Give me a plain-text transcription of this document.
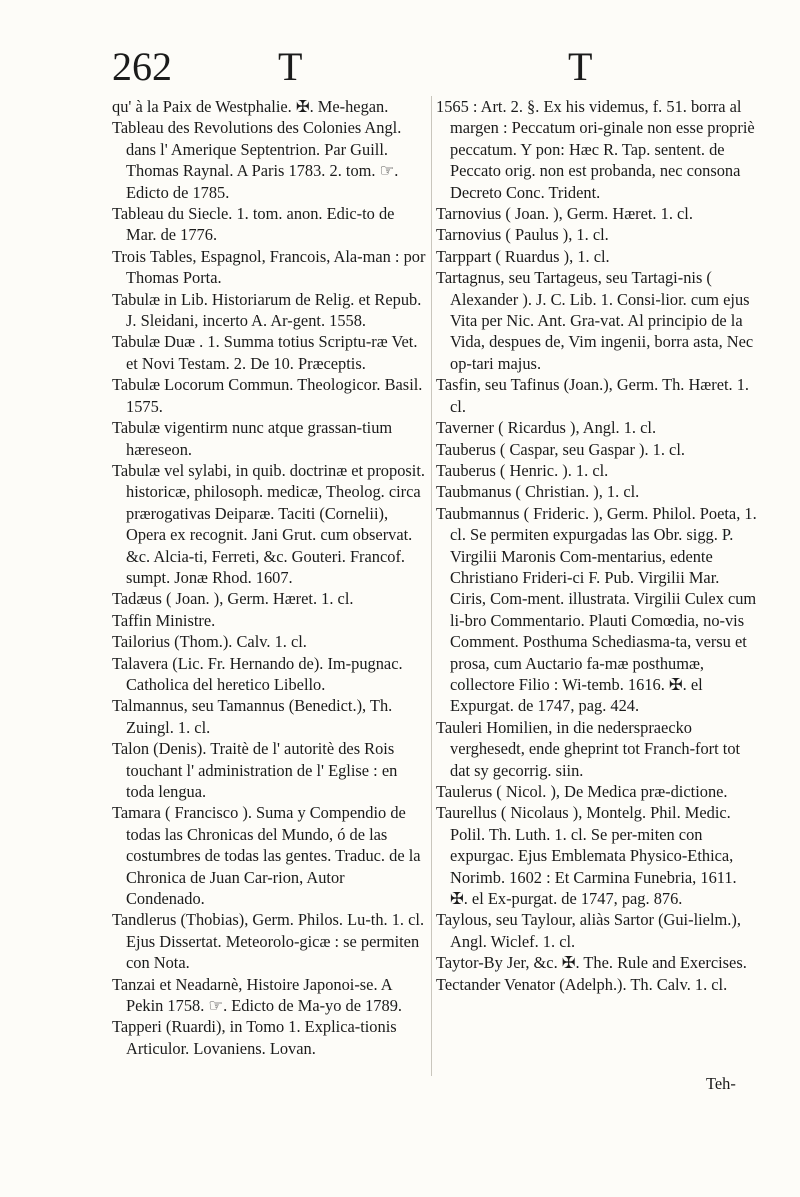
262	T	T

qu' à la Paix de Westphalie. ✠. Me-hegan.

Tableau des Revolutions des Colonies Angl. dans l' Amerique Septentrion. Par Guill. Thomas Raynal. A Paris 1783. 2. tom. ☞. Edicto de 1785.

Tableau du Siecle. 1. tom. anon. Edic-to de Mar. de 1776.

Trois Tables, Espagnol, Francois, Ala-man : por Thomas Porta.

Tabulæ in Lib. Historiarum de Relig. et Repub. J. Sleidani, incerto A. Ar-gent. 1558.

Tabulæ Duæ . 1. Summa totius Scriptu-ræ Vet. et Novi Testam. 2. De 10. Præceptis.

Tabulæ Locorum Commun. Theologicor. Basil. 1575.

Tabulæ vigentirm nunc atque grassan-tium hæreseon.

Tabulæ vel sylabi, in quib. doctrinæ et proposit. historicæ, philosoph. medicæ, Theolog. circa prærogativas Deiparæ. Taciti (Cornelii), Opera ex recognit. Jani Grut. cum observat. &c. Alcia-ti, Ferreti, &c. Gouteri. Francof. sumpt. Jonæ Rhod. 1607.

Tadæus ( Joan. ), Germ. Hæret. 1. cl.

Taffin Ministre.

Tailorius (Thom.). Calv. 1. cl.

Talavera (Lic. Fr. Hernando de). Im-pugnac. Catholica del heretico Libello.

Talmannus, seu Tamannus (Benedict.), Th. Zuingl. 1. cl.

Talon (Denis). Traitè de l' autoritè des Rois touchant l' administration de l' Eglise : en toda lengua.

Tamara ( Francisco ). Suma y Compendio de todas las Chronicas del Mundo, ó de las costumbres de todas las gentes. Traduc. de la Chronica de Juan Car-rion, Autor Condenado.

Tandlerus (Thobias), Germ. Philos. Lu-th. 1. cl. Ejus Dissertat. Meteorolo-gicæ : se permiten con Nota.

Tanzai et Neadarnè, Histoire Japonoi-se. A Pekin 1758. ☞. Edicto de Ma-yo de 1789.

Tapperi (Ruardi), in Tomo 1. Explica-tionis Articulor. Lovaniens. Lovan.

1565 : Art. 2. §. Ex his videmus, f. 51. borra al margen : Peccatum ori-ginale non esse propriè peccatum. Y pon: Hæc R. Tap. sentent. de Peccato orig. non est probanda, nec consona Decreto Conc. Trident.

Tarnovius ( Joan. ), Germ. Hæret. 1. cl.

Tarnovius ( Paulus ), 1. cl.

Tarppart ( Ruardus ), 1. cl.

Tartagnus, seu Tartageus, seu Tartagi-nis ( Alexander ). J. C. Lib. 1. Consi-lior. cum ejus Vita per Nic. Ant. Gra-vat. Al principio de la Vida, despues de, Vim ingenii, borra asta, Nec op-tari majus.

Tasfin, seu Tafinus (Joan.), Germ. Th. Hæret. 1. cl.

Taverner ( Ricardus ), Angl. 1. cl.

Tauberus ( Caspar, seu Gaspar ). 1. cl.

Tauberus ( Henric. ). 1. cl.

Taubmanus ( Christian. ), 1. cl.

Taubmannus ( Frideric. ), Germ. Philol. Poeta, 1. cl. Se permiten expurgadas las Obr. sigg. P. Virgilii Maronis Com-mentarius, edente Christiano Frideri-ci F. Pub. Virgilii Mar. Ciris, Com-ment. illustrata. Virgilii Culex cum li-bro Commentario. Plauti Comœdia, no-vis Comment. Posthuma Schediasma-ta, versu et prosa, cum Auctario fa-mæ posthumæ, collectore Filio : Wi-temb. 1616. ✠. el Expurgat. de 1747, pag. 424.

Tauleri Homilien, in die nederspraecko verghesedt, ende gheprint tot Franch-fort tot dat sy gecorrig. siin.

Taulerus ( Nicol. ), De Medica præ-dictione.

Taurellus ( Nicolaus ), Montelg. Phil. Medic. Polil. Th. Luth. 1. cl. Se per-miten con expurgac. Ejus Emblemata Physico-Ethica, Norimb. 1602 : Et Carmina Funebria, 1611. ✠. el Ex-purgat. de 1747, pag. 876.

Taylous, seu Taylour, aliàs Sartor (Gui-lielm.), Angl. Wiclef. 1. cl.

Taytor-By Jer, &c. ✠. The. Rule and Exercises.

Tectander Venator (Adelph.). Th. Calv. 1. cl.

Teh-
